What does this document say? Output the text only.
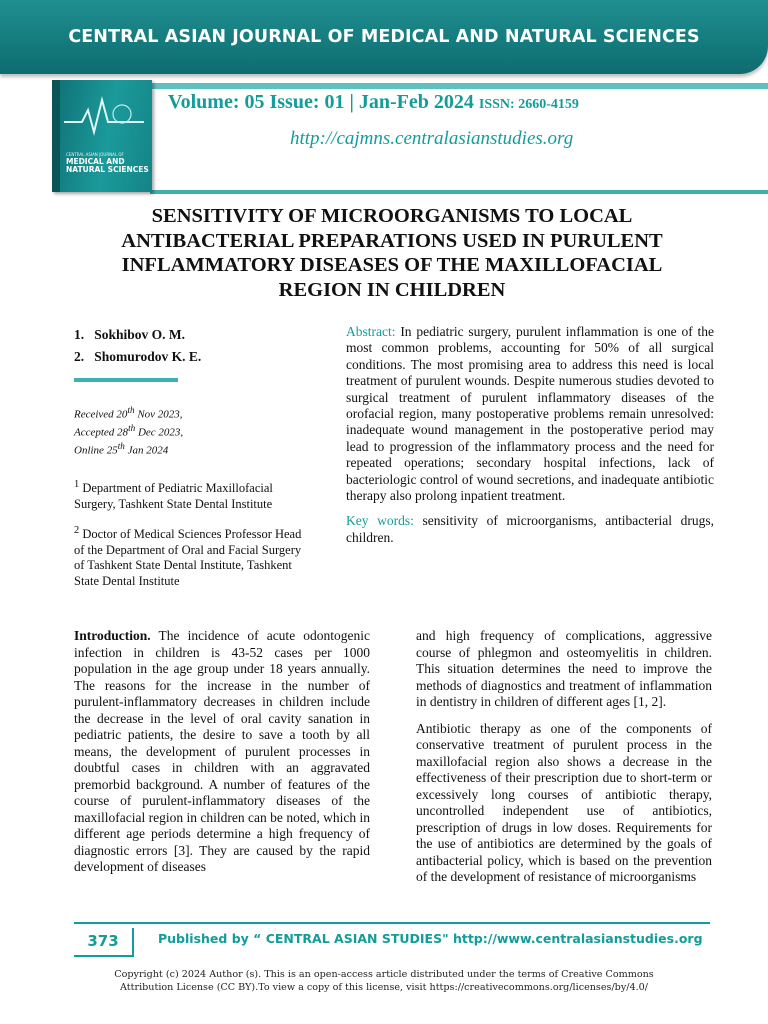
CENTRAL ASIAN JOURNAL OF MEDICAL AND NATURAL SCIENCES
CENTRAL ASIAN JOURNAL OF
MEDICAL AND
NATURAL SCIENCES
Volume: 05 Issue: 01 | Jan-Feb 2024 ISSN: 2660-4159
http://cajmns.centralasianstudies.org
SENSITIVITY OF MICROORGANISMS TO LOCAL ANTIBACTERIAL PREPARATIONS USED IN PURULENT INFLAMMATORY DISEASES OF THE MAXILLOFACIAL REGION IN CHILDREN
1. Sokhibov O. M.
2. Shomurodov K. E.
Received 20th Nov 2023,
Accepted 28th Dec 2023,
Online 25th Jan 2024

$^1$ Department of Pediatric Maxillofacial Surgery, Tashkent State Dental Institute

$^2$ Doctor of Medical Sciences Professor Head of the Department of Oral and Facial Surgery of Tashkent State Dental Institute, Tashkent State Dental Institute

Abstract: In pediatric surgery, purulent inflammation is one of the most common problems, accounting for 50% of all surgical conditions. The most promising area to address this need is local treatment of purulent wounds. Despite numerous studies devoted to surgical treatment of purulent inflammatory diseases of the orofacial region, many postoperative problems remain unresolved: inadequate wound management in the postoperative period may lead to progression of the inflammatory process and the need for repeated operations; secondary hospital infections, lack of bacteriologic control of wound secretions, and inadequate antibiotic therapy also prolong inpatient treatment.

Key words: sensitivity of microorganisms, antibacterial drugs, children.

Introduction. The incidence of acute odontogenic infection in children is 43-52 cases per 1000 population in the age group under 18 years annually. The reasons for the increase in the number of purulent-inflammatory decreases in children include the decrease in the level of oral cavity sanation in pediatric patients, the desire to save a tooth by all means, the development of purulent processes in doubtful cases in children with an aggravated premorbid background. A number of features of the course of purulent-inflammatory diseases of the maxillofacial region in children can be noted, which in different age periods determine a high frequency of diagnostic errors [3]. They are caused by the rapid development of diseases

and high frequency of complications, aggressive course of phlegmon and osteomyelitis in children. This situation determines the need to improve the methods of diagnostics and treatment of inflammation in dentistry in children of different ages [1, 2].

Antibiotic therapy as one of the components of conservative treatment of purulent process in the maxillofacial region also shows a decrease in the effectiveness of their prescription due to short-term or excessively long courses of antibiotic therapy, uncontrolled independent use of antibiotics, prescription of drugs in low doses. Requirements for the use of antibiotics are determined by the goals of antibacterial policy, which is based on the prevention of the development of resistance of microorganisms

373	Published by “ CENTRAL ASIAN STUDIES" http://www.centralasianstudies.org
Copyright (c) 2024 Author (s). This is an open-access article distributed under the terms of Creative Commons
Attribution License (CC BY).To view a copy of this license, visit https://creativecommons.org/licenses/by/4.0/
